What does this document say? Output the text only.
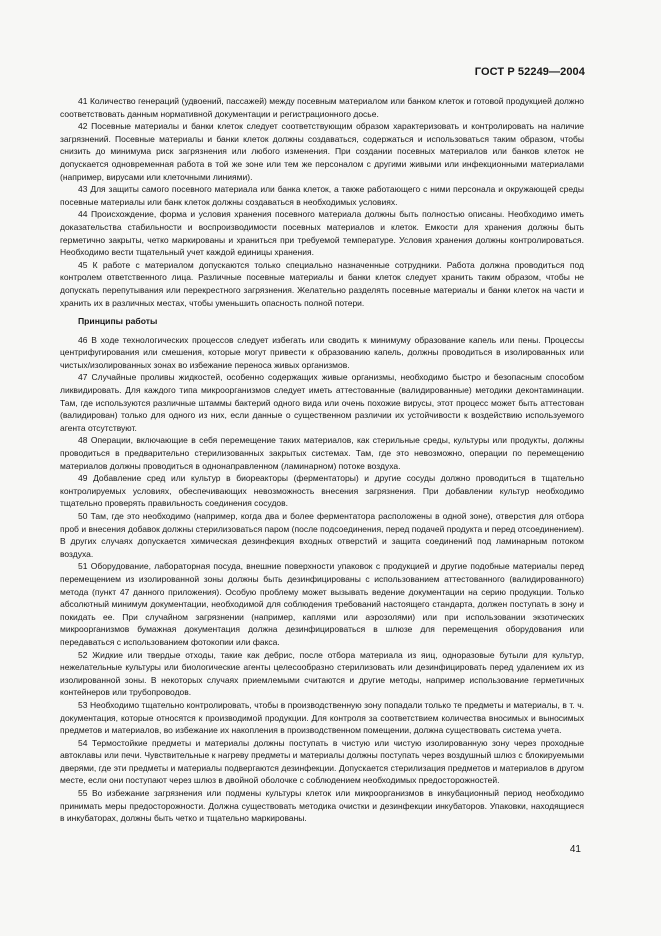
ГОСТ Р 52249—2004

41 Количество генераций (удвоений, пассажей) между посевным материалом или банком клеток и готовой продукцией должно соответствовать данным нормативной документации и регистрационного досье.

42 Посевные материалы и банки клеток следует соответствующим образом характеризовать и контролировать на наличие загрязнений. Посевные материалы и банки клеток должны создаваться, содержаться и использоваться таким образом, чтобы снизить до минимума риск загрязнения или любого изменения. При создании посевных материалов или банков клеток не допускается одновременная работа в той же зоне или тем же персоналом с другими живыми или инфекционными материалами (например, вирусами или клеточными линиями).

43 Для защиты самого посевного материала или банка клеток, а также работающего с ними персонала и окружающей среды посевные материалы или банк клеток должны создаваться в необходимых условиях.

44 Происхождение, форма и условия хранения посевного материала должны быть полностью описаны. Необходимо иметь доказательства стабильности и воспроизводимости посевных материалов и клеток. Емкости для хранения должны быть герметично закрыты, четко маркированы и храниться при требуемой температуре. Условия хранения должны контролироваться. Необходимо вести тщательный учет каждой единицы хранения.

45 К работе с материалом допускаются только специально назначенные сотрудники. Работа должна проводиться под контролем ответственного лица. Различные посевные материалы и банки клеток следует хранить таким образом, чтобы не допускать перепутывания или перекрестного загрязнения. Желательно разделять посевные материалы и банки клеток на части и хранить их в различных местах, чтобы уменьшить опасность полной потери.

Принципы работы

46 В ходе технологических процессов следует избегать или сводить к минимуму образование капель или пены. Процессы центрифугирования или смешения, которые могут привести к образованию капель, должны проводиться в изолированных или чистых/изолированных зонах во избежание переноса живых организмов.

47 Случайные проливы жидкостей, особенно содержащих живые организмы, необходимо быстро и безопасным способом ликвидировать. Для каждого типа микроорганизмов следует иметь аттестованные (валидированные) методики деконтаминации. Там, где используются различные штаммы бактерий одного вида или очень похожие вирусы, этот процесс может быть аттестован (валидирован) только для одного из них, если данные о существенном различии их устойчивости к воздействию используемого агента отсутствуют.

48 Операции, включающие в себя перемещение таких материалов, как стерильные среды, культуры или продукты, должны проводиться в предварительно стерилизованных закрытых системах. Там, где это невозможно, операции по перемещению материалов должны проводиться в однонаправленном (ламинарном) потоке воздуха.

49 Добавление сред или культур в биореакторы (ферментаторы) и другие сосуды должно проводиться в тщательно контролируемых условиях, обеспечивающих невозможность внесения загрязнения. При добавлении культур необходимо тщательно проверять правильность соединения сосудов.

50 Там, где это необходимо (например, когда два и более ферментатора расположены в одной зоне), отверстия для отбора проб и внесения добавок должны стерилизоваться паром (после подсоединения, перед подачей продукта и перед отсоединением). В других случаях допускается химическая дезинфекция входных отверстий и защита соединений под ламинарным потоком воздуха.

51 Оборудование, лабораторная посуда, внешние поверхности упаковок с продукцией и другие подобные материалы перед перемещением из изолированной зоны должны быть дезинфицированы с использованием аттестованного (валидированного) метода (пункт 47 данного приложения). Особую проблему может вызывать ведение документации на серию продукции. Только абсолютный минимум документации, необходимой для соблюдения требований настоящего стандарта, должен поступать в зону и покидать ее. При случайном загрязнении (например, каплями или аэрозолями) или при использовании экзотических микроорганизмов бумажная документация должна дезинфицироваться в шлюзе для перемещения оборудования или передаваться с использованием фотокопии или факса.

52 Жидкие или твердые отходы, такие как дебрис, после отбора материала из яиц, одноразовые бутыли для культур, нежелательные культуры или биологические агенты целесообразно стерилизовать или дезинфицировать перед удалением их из изолированной зоны. В некоторых случаях приемлемыми считаются и другие методы, например использование герметичных контейнеров или трубопроводов.

53 Необходимо тщательно контролировать, чтобы в производственную зону попадали только те предметы и материалы, в т. ч. документация, которые относятся к производимой продукции. Для контроля за соответствием количества вносимых и выносимых предметов и материалов, во избежание их накопления в производственном помещении, должна существовать система учета.

54 Термостойкие предметы и материалы должны поступать в чистую или чистую изолированную зону через проходные автоклавы или печи. Чувствительные к нагреву предметы и материалы должны поступать через воздушный шлюз с блокируемыми дверями, где эти предметы и материалы подвергаются дезинфекции. Допускается стерилизация предметов и материалов в другом месте, если они поступают через шлюз в двойной оболочке с соблюдением необходимых предосторожностей.

55 Во избежание загрязнения или подмены культуры клеток или микроорганизмов в инкубационный период необходимо принимать меры предосторожности. Должна существовать методика очистки и дезинфекции инкубаторов. Упаковки, находящиеся в инкубаторах, должны быть четко и тщательно маркированы.

41
